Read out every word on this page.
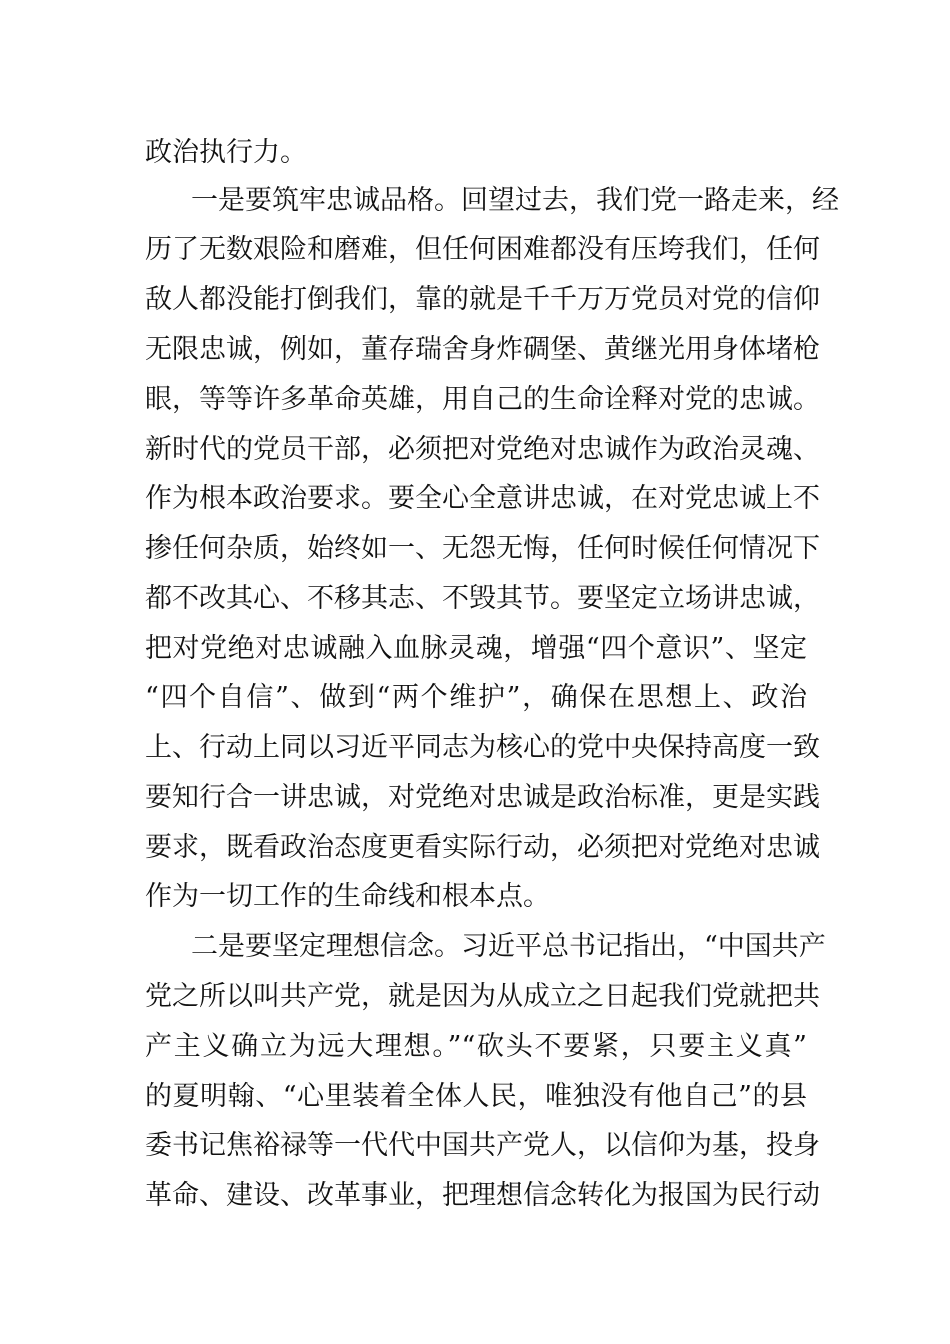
政治执行力。
一是要筑牢忠诚品格。回望过去，我们党一路走来，经
历了无数艰险和磨难，但任何困难都没有压垮我们，任何
敌人都没能打倒我们，靠的就是千千万万党员对党的信仰
无限忠诚，例如，董存瑞舍身炸碉堡、黄继光用身体堵枪
眼，等等许多革命英雄，用自己的生命诠释对党的忠诚。
新时代的党员干部，必须把对党绝对忠诚作为政治灵魂、
作为根本政治要求。要全心全意讲忠诚，在对党忠诚上不
掺任何杂质，始终如一、无怨无悔，任何时候任何情况下
都不改其心、不移其志、不毁其节。要坚定立场讲忠诚，
把对党绝对忠诚融入血脉灵魂，增强“四个意识”、坚定
“四个自信”、做到“两个维护”，确保在思想上、政治
上、行动上同以习近平同志为核心的党中央保持高度一致
要知行合一讲忠诚，对党绝对忠诚是政治标准，更是实践
要求，既看政治态度更看实际行动，必须把对党绝对忠诚
作为一切工作的生命线和根本点。
二是要坚定理想信念。习近平总书记指出，“中国共产
党之所以叫共产党，就是因为从成立之日起我们党就把共
产主义确立为远大理想。”“砍头不要紧，只要主义真”
的夏明翰、“心里装着全体人民，唯独没有他自己”的县
委书记焦裕禄等一代代中国共产党人，以信仰为基，投身
革命、建设、改革事业，把理想信念转化为报国为民行动
